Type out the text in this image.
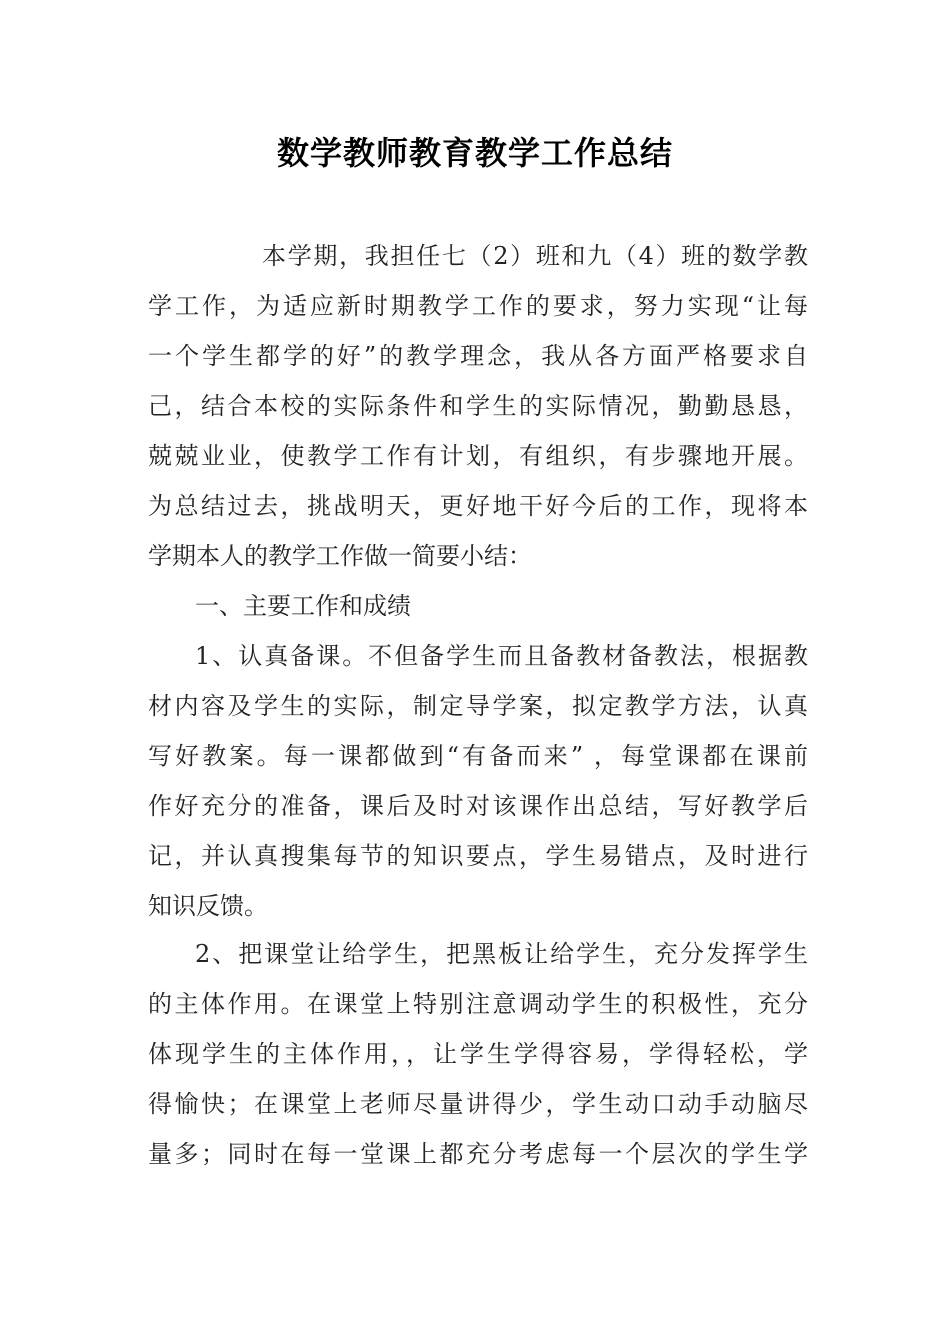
数学教师教育教学工作总结
本学期，我担任七（2）班和九（4）班的数学教
学工作，为适应新时期教学工作的要求，努力实现“让每
一个学生都学的好”的教学理念，我从各方面严格要求自
己，结合本校的实际条件和学生的实际情况，勤勤恳恳，
兢兢业业，使教学工作有计划，有组织，有步骤地开展。
为总结过去，挑战明天，更好地干好今后的工作，现将本
学期本人的教学工作做一简要小结：
一、主要工作和成绩
1、认真备课。不但备学生而且备教材备教法，根据教
材内容及学生的实际，制定导学案，拟定教学方法，认真
写好教案。每一课都做到“有备而来” ，每堂课都在课前
作好充分的准备，课后及时对该课作出总结，写好教学后
记，并认真搜集每节的知识要点，学生易错点，及时进行
知识反馈。
2、把课堂让给学生，把黑板让给学生，充分发挥学生
的主体作用。在课堂上特别注意调动学生的积极性，充分
体现学生的主体作用，，让学生学得容易，学得轻松，学
得愉快；在课堂上老师尽量讲得少，学生动口动手动脑尽
量多；同时在每一堂课上都充分考虑每一个层次的学生学
